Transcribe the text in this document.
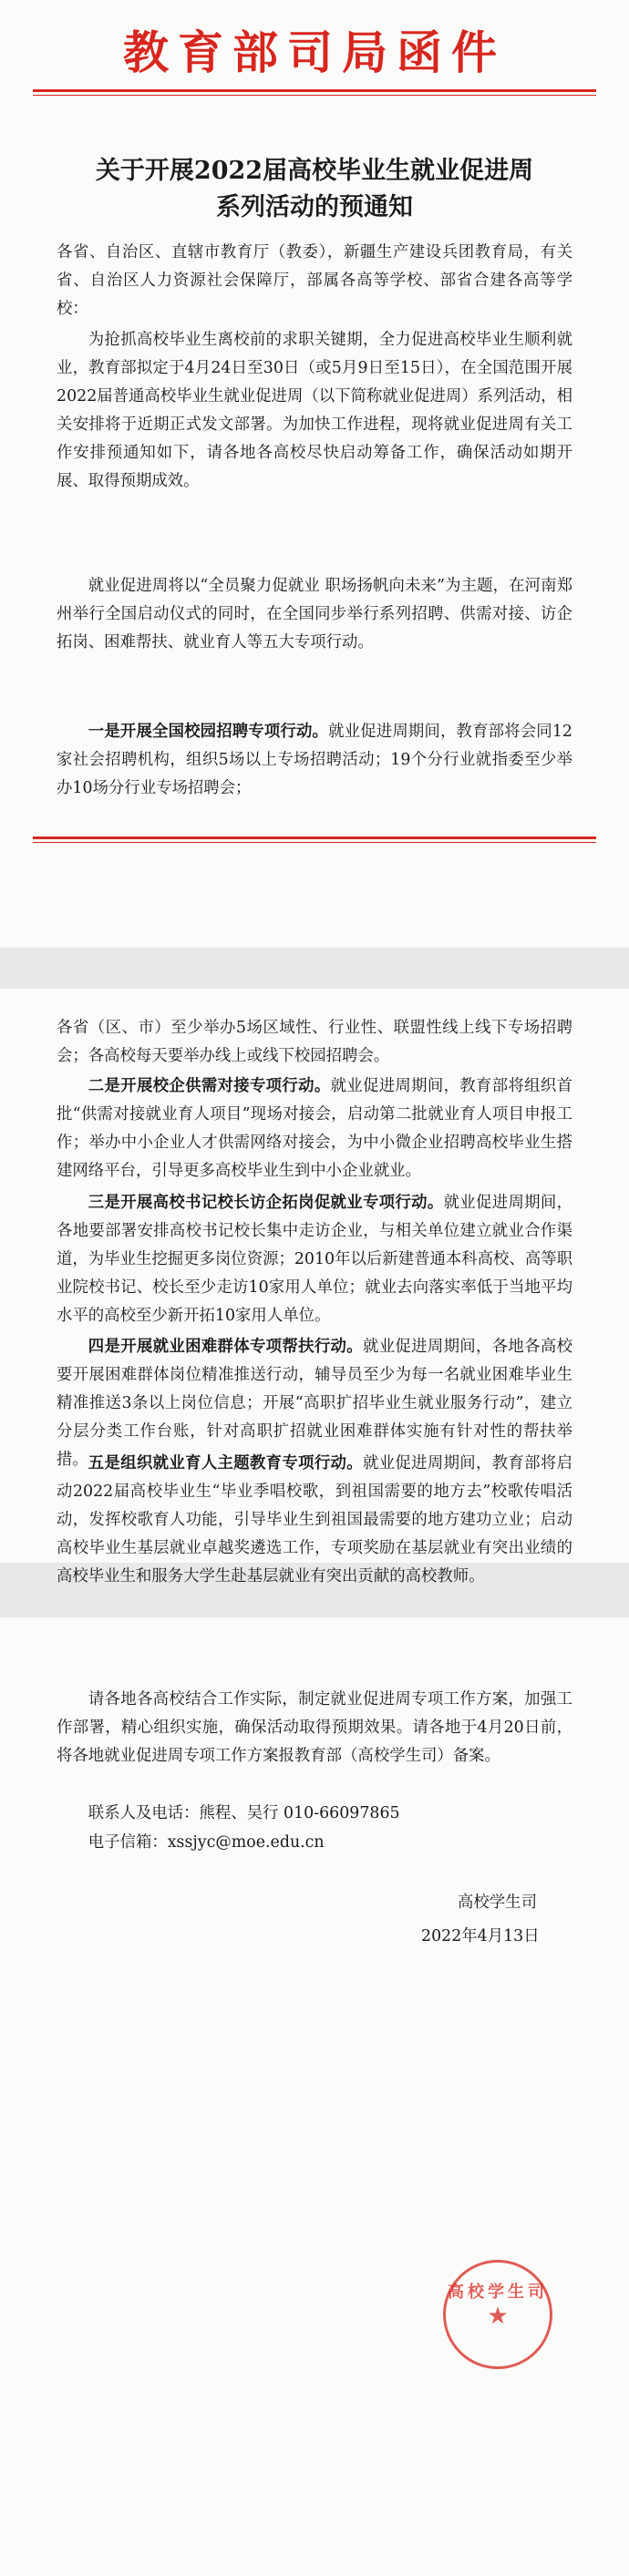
教育部司局函件
关于开展2022届高校毕业生就业促进周
系列活动的预通知

各省、自治区、直辖市教育厅（教委），新疆生产建设兵团教育局，有关省、自治区人力资源社会保障厅，部属各高等学校、部省合建各高等学校：

为抢抓高校毕业生离校前的求职关键期，全力促进高校毕业生顺利就业，教育部拟定于4月24日至30日（或5月9日至15日），在全国范围开展2022届普通高校毕业生就业促进周（以下简称就业促进周）系列活动，相关安排将于近期正式发文部署。为加快工作进程，现将就业促进周有关工作安排预通知如下，请各地各高校尽快启动筹备工作，确保活动如期开展、取得预期成效。

就业促进周将以“全员聚力促就业 职场扬帆向未来”为主题，在河南郑州举行全国启动仪式的同时，在全国同步举行系列招聘、供需对接、访企拓岗、困难帮扶、就业育人等五大专项行动。

一是开展全国校园招聘专项行动。就业促进周期间，教育部将会同12家社会招聘机构，组织5场以上专场招聘活动；19个分行业就指委至少举办10场分行业专场招聘会；

各省（区、市）至少举办5场区域性、行业性、联盟性线上线下专场招聘会；各高校每天要举办线上或线下校园招聘会。

二是开展校企供需对接专项行动。就业促进周期间，教育部将组织首批“供需对接就业育人项目”现场对接会，启动第二批就业育人项目申报工作；举办中小企业人才供需网络对接会，为中小微企业招聘高校毕业生搭建网络平台，引导更多高校毕业生到中小企业就业。

三是开展高校书记校长访企拓岗促就业专项行动。就业促进周期间，各地要部署安排高校书记校长集中走访企业，与相关单位建立就业合作渠道，为毕业生挖掘更多岗位资源；2010年以后新建普通本科高校、高等职业院校书记、校长至少走访10家用人单位；就业去向落实率低于当地平均水平的高校至少新开拓10家用人单位。

四是开展就业困难群体专项帮扶行动。就业促进周期间，各地各高校要开展困难群体岗位精准推送行动，辅导员至少为每一名就业困难毕业生精准推送3条以上岗位信息；开展“高职扩招毕业生就业服务行动”，建立分层分类工作台账，针对高职扩招就业困难群体实施有针对性的帮扶举措。 五是组织就业育人主题教育专项行动。就业促进周期间，教育部将启动2022届高校毕业生“毕业季唱校歌，到祖国需要的地方去”校歌传唱活动，发挥校歌育人功能，引导毕业生到祖国最需要的地方建功立业；启动高校毕业生基层就业卓越奖遴选工作，专项奖励在基层就业有突出业绩的高校毕业生和服务大学生赴基层就业有突出贡献的高校教师。

请各地各高校结合工作实际，制定就业促进周专项工作方案，加强工作部署，精心组织实施，确保活动取得预期效果。请各地于4月20日前，将各地就业促进周专项工作方案报教育部（高校学生司）备案。

联系人及电话：熊程、吴行 010-66097865

电子信箱：xssjyc@moe.edu.cn

高校学生司
2022年4月13日
高校学生司
★
